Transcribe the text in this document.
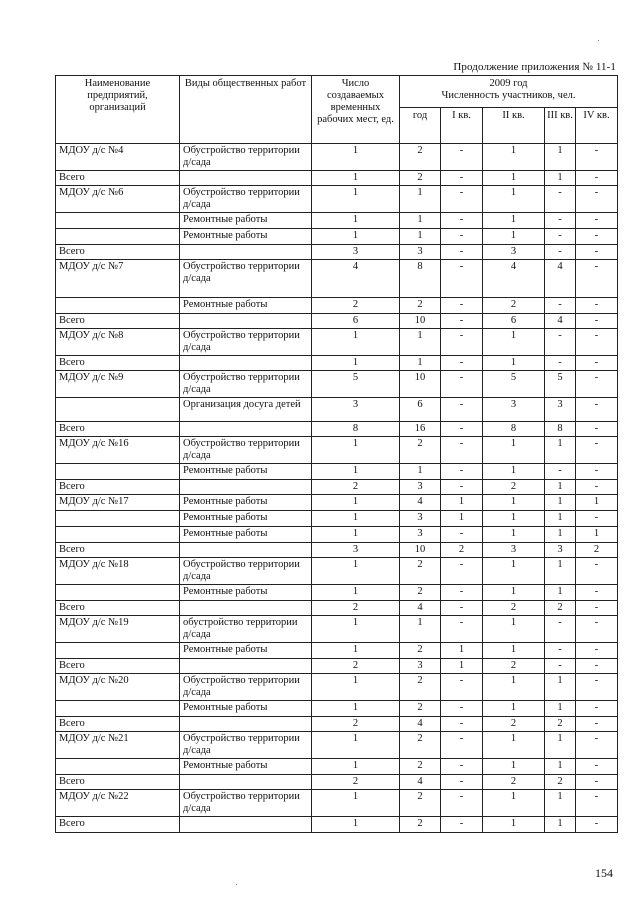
Продолжение приложения № 11-1
Наименование предприятий, организаций	Виды общественных работ	Число создаваемых временных рабочих мест, ед.	2009 год
Численность участников, чел.				

			год	I кв.	II кв.	III кв.	IV кв.

МДОУ д/с №4	Обустройство территории д/сада	1	2	-	1	1	-
Всего		1	2	-	1	1	-
МДОУ д/с №6	Обустройство территории д/сада	1	1	-	1	-	-
	Ремонтные работы	1	1	-	1	-	-
	Ремонтные работы	1	1	-	1	-	-
Всего		3	3	-	3	-	-
МДОУ д/с №7	Обустройство территории д/сада	4	8	-	4	4	-
	Ремонтные работы	2	2	-	2	-	-
Всего		6	10	-	6	4	-
МДОУ д/с №8	Обустройство территории д/сада	1	1	-	1	-	-
Всего		1	1	-	1	-	-
МДОУ д/с №9	Обустройство территории д/сада	5	10	-	5	5	-
	Организация досуга детей	3	6	-	3	3	-
Всего		8	16	-	8	8	-
МДОУ д/с №16	Обустройство территории д/сада	1	2	-	1	1	-
	Ремонтные работы	1	1	-	1	-	-
Всего		2	3	-	2	1	-
МДОУ д/с №17	Ремонтные работы	1	4	1	1	1	1
	Ремонтные работы	1	3	1	1	1	-
	Ремонтные работы	1	3	-	1	1	1
Всего		3	10	2	3	3	2
МДОУ д/с №18	Обустройство территории д/сада	1	2	-	1	1	-
	Ремонтные работы	1	2	-	1	1	-
Всего		2	4	-	2	2	-
МДОУ д/с №19	обустройство территории д/сада	1	1	-	1	-	-
	Ремонтные работы	1	2	1	1	-	-
Всего		2	3	1	2	-	-
МДОУ д/с №20	Обустройство территории д/сада	1	2	-	1	1	-
	Ремонтные работы	1	2	-	1	1	-
Всего		2	4	-	2	2	-
МДОУ д/с №21	Обустройство территории д/сада	1	2	-	1	1	-
	Ремонтные работы	1	2	-	1	1	-
Всего		2	4	-	2	2	-
МДОУ д/с №22	Обустройство территории д/сада	1	2	-	1	1	-
Всего		1	2	-	1	1	-
154
